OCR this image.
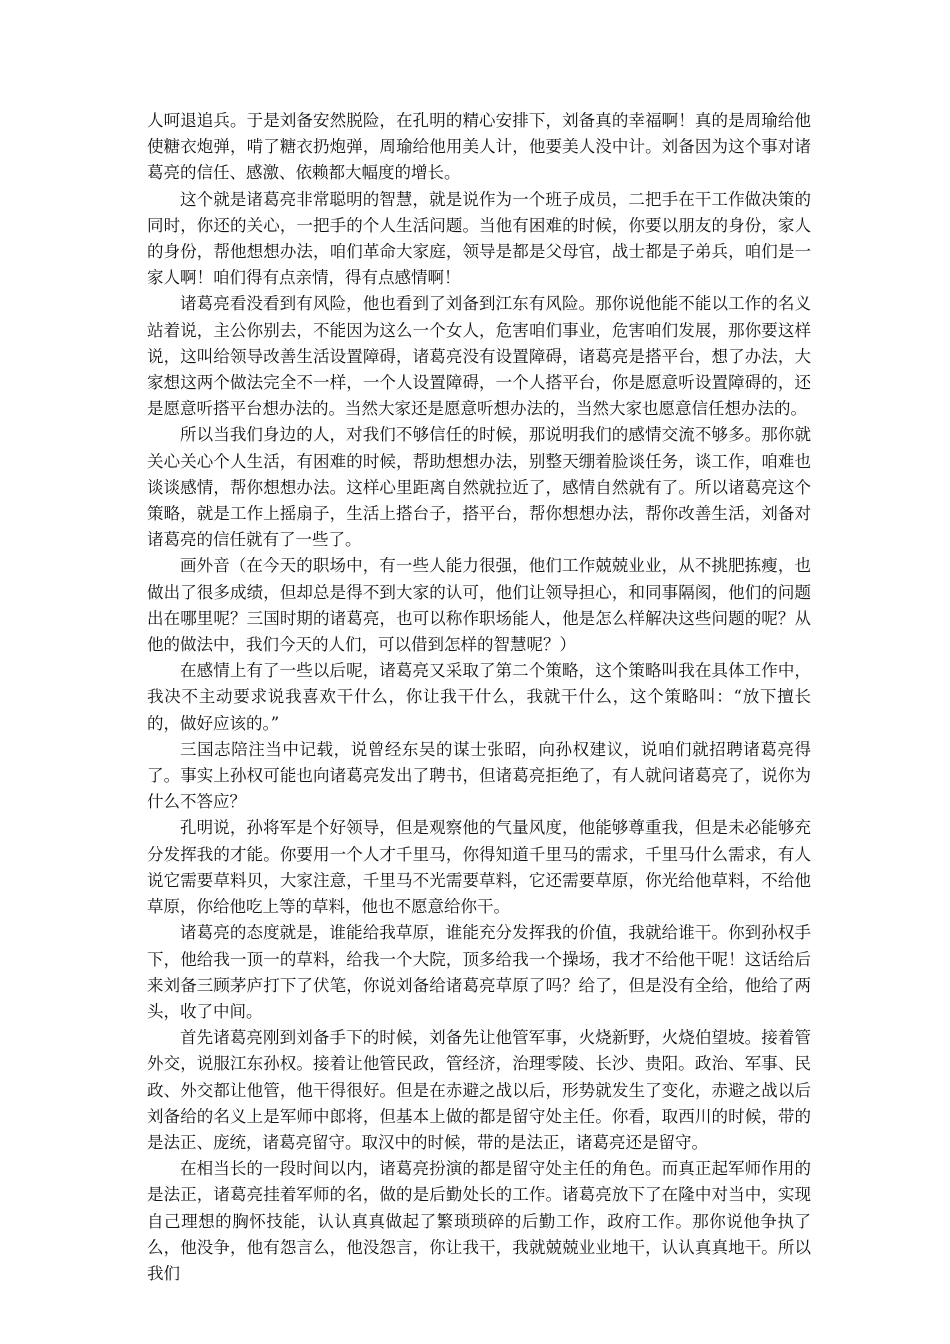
人呵退追兵。于是刘备安然脱险，在孔明的精心安排下，刘备真的幸福啊！真的是周瑜给他使糖衣炮弹，啃了糖衣扔炮弹，周瑜给他用美人计，他要美人没中计。刘备因为这个事对诸葛亮的信任、感激、依赖都大幅度的增长。

这个就是诸葛亮非常聪明的智慧，就是说作为一个班子成员，二把手在干工作做决策的同时，你还的关心，一把手的个人生活问题。当他有困难的时候，你要以朋友的身份，家人的身份，帮他想想办法，咱们革命大家庭，领导是都是父母官，战士都是子弟兵，咱们是一家人啊！咱们得有点亲情，得有点感情啊！

诸葛亮看没看到有风险，他也看到了刘备到江东有风险。那你说他能不能以工作的名义站着说，主公你别去，不能因为这么一个女人，危害咱们事业，危害咱们发展，那你要这样说，这叫给领导改善生活设置障碍，诸葛亮没有设置障碍，诸葛亮是搭平台，想了办法，大家想这两个做法完全不一样，一个人设置障碍，一个人搭平台，你是愿意听设置障碍的，还是愿意听搭平台想办法的。当然大家还是愿意听想办法的，当然大家也愿意信任想办法的。

所以当我们身边的人，对我们不够信任的时候，那说明我们的感情交流不够多。那你就关心关心个人生活，有困难的时候，帮助想想办法，别整天绷着脸谈任务，谈工作，咱难也谈谈感情，帮你想想办法。这样心里距离自然就拉近了，感情自然就有了。所以诸葛亮这个策略，就是工作上摇扇子，生活上搭台子，搭平台，帮你想想办法，帮你改善生活，刘备对诸葛亮的信任就有了一些了。

画外音（在今天的职场中，有一些人能力很强，他们工作兢兢业业，从不挑肥拣瘦，也做出了很多成绩，但却总是得不到大家的认可，他们让领导担心，和同事隔阂，他们的问题出在哪里呢？三国时期的诸葛亮，也可以称作职场能人，他是怎么样解决这些问题的呢？从他的做法中，我们今天的人们，可以借到怎样的智慧呢？）

在感情上有了一些以后呢，诸葛亮又采取了第二个策略，这个策略叫我在具体工作中，我决不主动要求说我喜欢干什么，你让我干什么，我就干什么，这个策略叫：“放下擅长的，做好应该的。”

三国志陪注当中记载，说曾经东吴的谋士张昭，向孙权建议，说咱们就招聘诸葛亮得了。事实上孙权可能也向诸葛亮发出了聘书，但诸葛亮拒绝了，有人就问诸葛亮了，说你为什么不答应？

孔明说，孙将军是个好领导，但是观察他的气量风度，他能够尊重我，但是未必能够充分发挥我的才能。你要用一个人才千里马，你得知道千里马的需求，千里马什么需求，有人说它需要草料贝，大家注意，千里马不光需要草料，它还需要草原，你光给他草料，不给他草原，你给他吃上等的草料，他也不愿意给你干。

诸葛亮的态度就是，谁能给我草原，谁能充分发挥我的价值，我就给谁干。你到孙权手下，他给我一顶一的草料，给我一个大院，顶多给我一个操场，我才不给他干呢！这话给后来刘备三顾茅庐打下了伏笔，你说刘备给诸葛亮草原了吗？给了，但是没有全给，他给了两头，收了中间。

首先诸葛亮刚到刘备手下的时候，刘备先让他管军事，火烧新野，火烧伯望坡。接着管外交，说服江东孙权。接着让他管民政，管经济，治理零陵、长沙、贵阳。政治、军事、民政、外交都让他管，他干得很好。但是在赤避之战以后，形势就发生了变化，赤避之战以后刘备给的名义上是军师中郎将，但基本上做的都是留守处主任。你看，取西川的时候，带的是法正、庞统，诸葛亮留守。取汉中的时候，带的是法正，诸葛亮还是留守。

在相当长的一段时间以内，诸葛亮扮演的都是留守处主任的角色。而真正起军师作用的是法正，诸葛亮挂着军师的名，做的是后勤处长的工作。诸葛亮放下了在隆中对当中，实现自己理想的胸怀技能，认认真真做起了繁琐琐碎的后勤工作，政府工作。那你说他争执了么，他没争，他有怨言么，他没怨言，你让我干，我就兢兢业业地干，认认真真地干。所以我们
